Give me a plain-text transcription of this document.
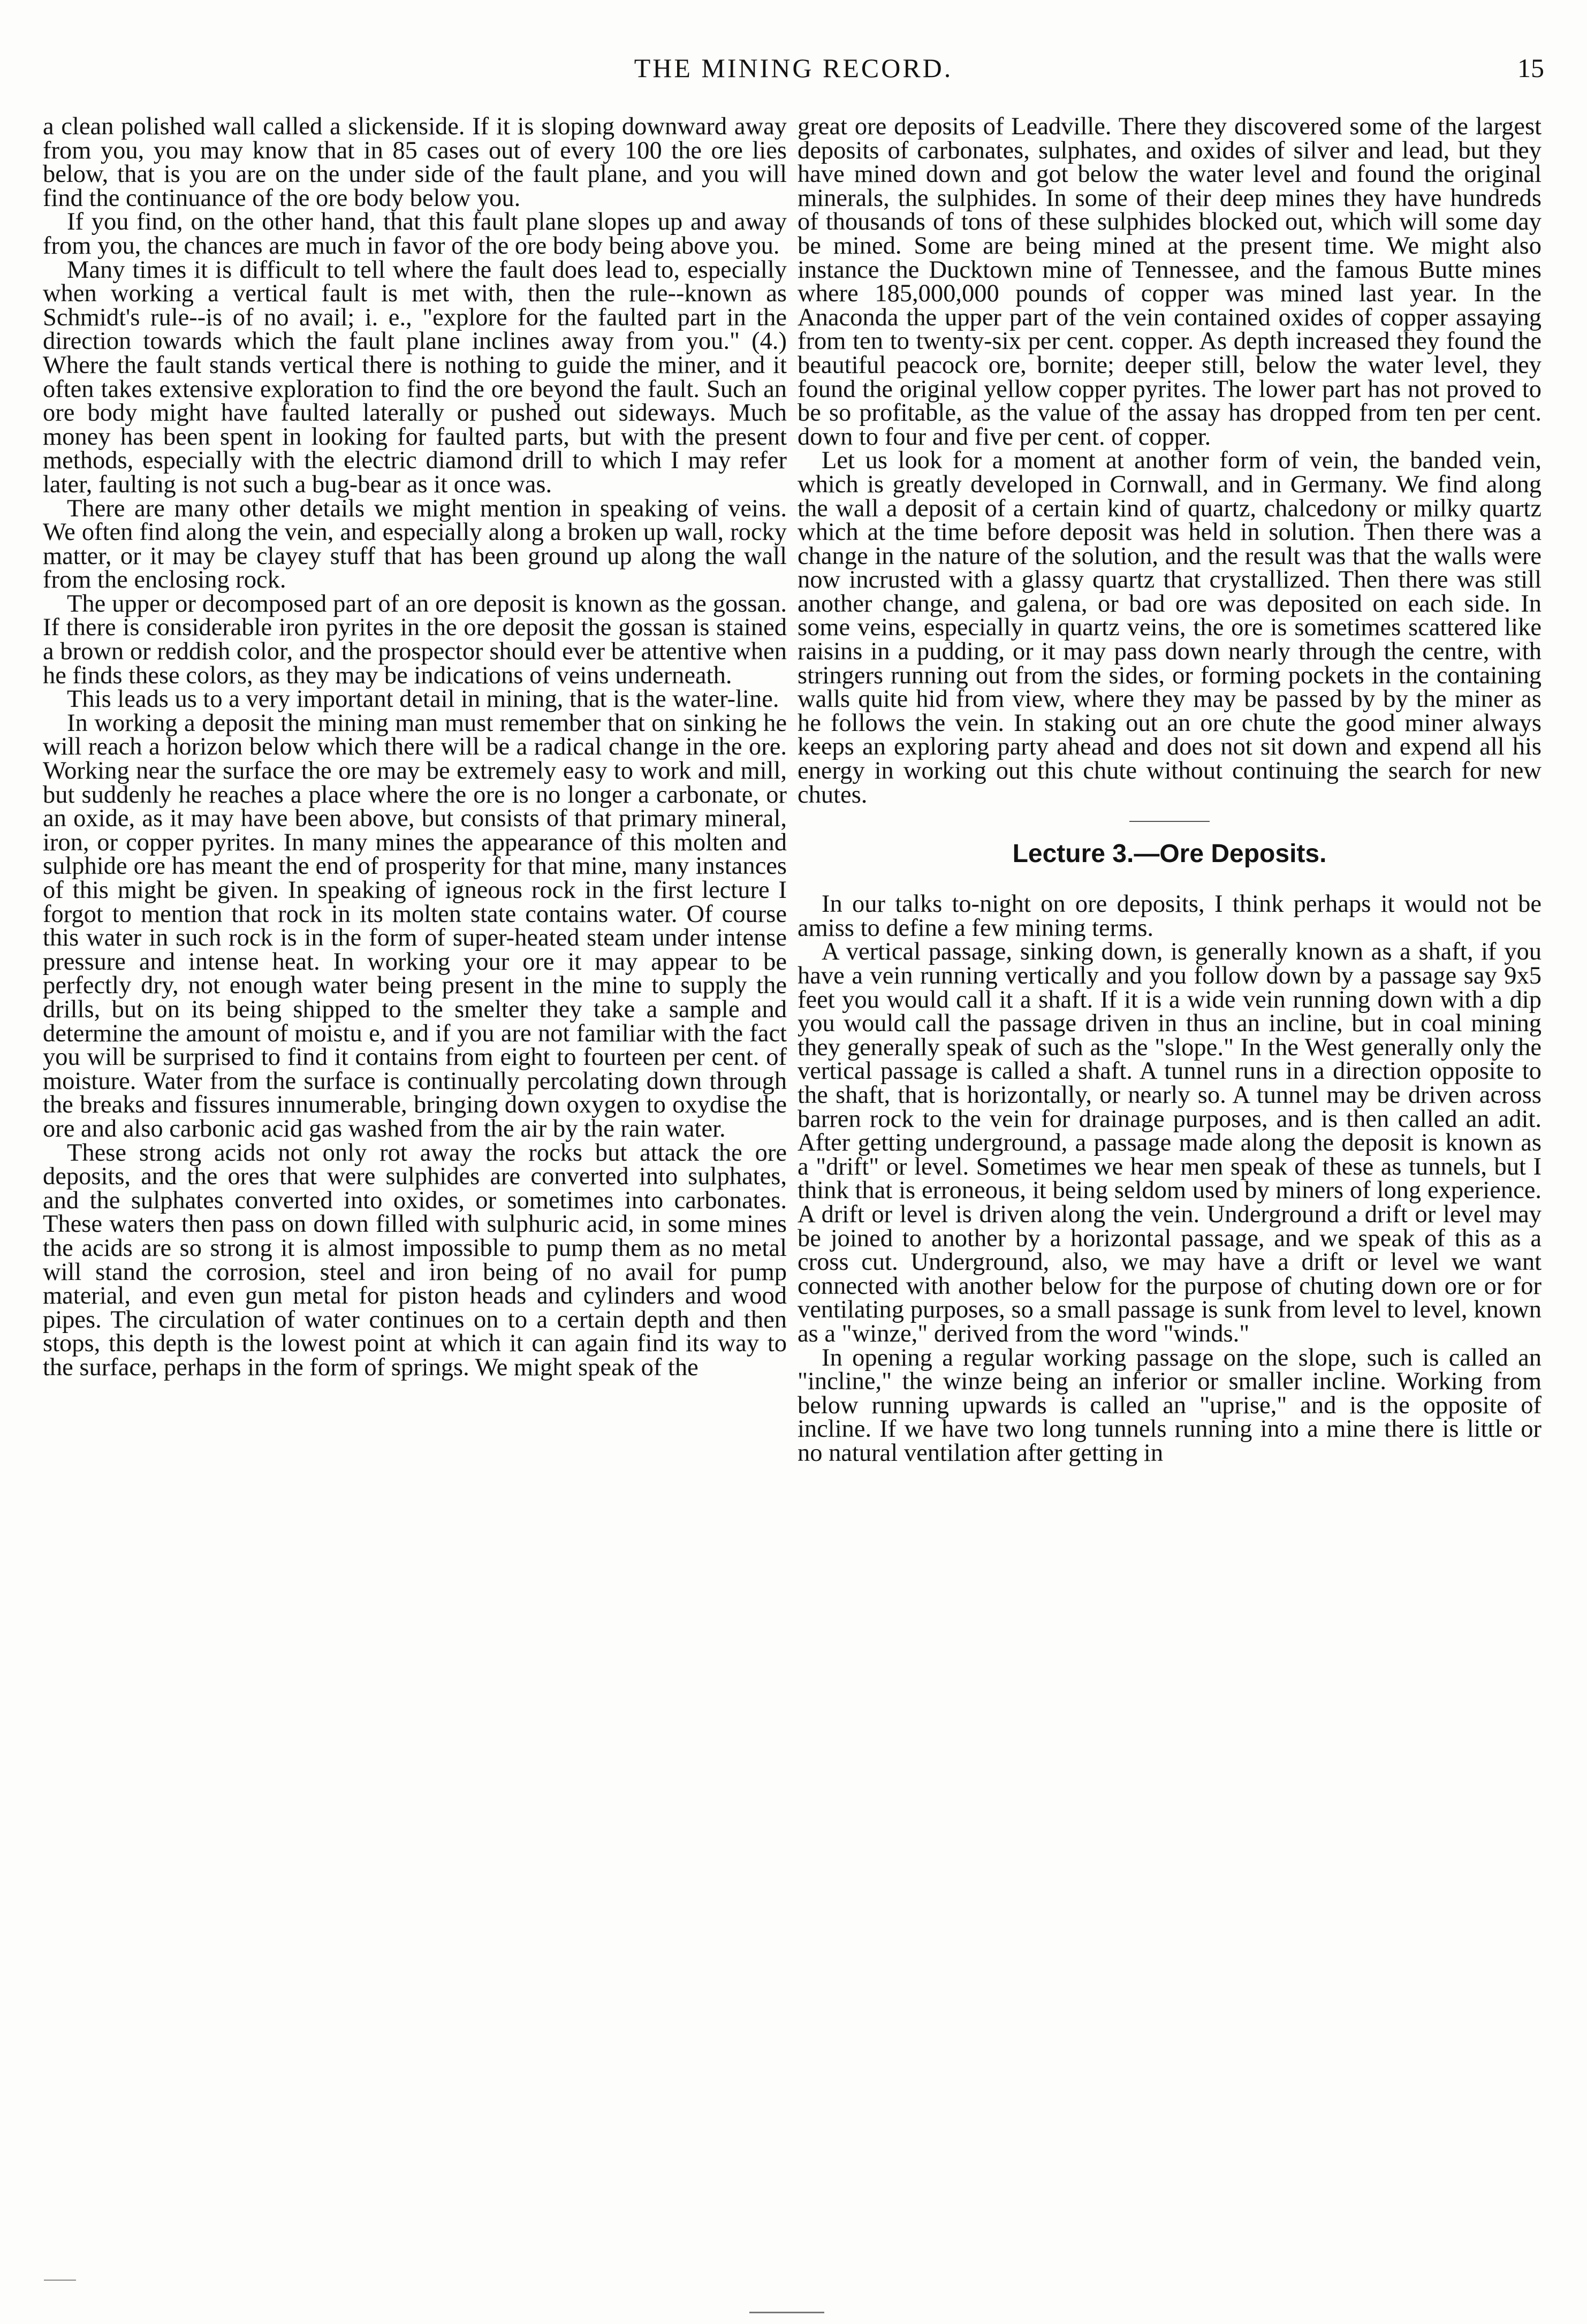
THE MINING RECORD.	15

a clean polished wall called a slickenside. If it is sloping downward away from you, you may know that in 85 cases out of every 100 the ore lies below, that is you are on the under side of the fault plane, and you will find the continuance of the ore body below you.

If you find, on the other hand, that this fault plane slopes up and away from you, the chances are much in favor of the ore body being above you.

Many times it is difficult to tell where the fault does lead to, especially when working a vertical fault is met with, then the rule--known as Schmidt's rule--is of no avail; i. e., "explore for the faulted part in the direction towards which the fault plane inclines away from you." (4.) Where the fault stands vertical there is nothing to guide the miner, and it often takes extensive exploration to find the ore beyond the fault. Such an ore body might have faulted laterally or pushed out sideways. Much money has been spent in looking for faulted parts, but with the present methods, especially with the electric diamond drill to which I may refer later, faulting is not such a bug-bear as it once was.

There are many other details we might mention in speaking of veins. We often find along the vein, and especially along a broken up wall, rocky matter, or it may be clayey stuff that has been ground up along the wall from the enclosing rock.

The upper or decomposed part of an ore deposit is known as the gossan. If there is considerable iron pyrites in the ore deposit the gossan is stained a brown or reddish color, and the prospector should ever be attentive when he finds these colors, as they may be indications of veins underneath.

This leads us to a very important detail in mining, that is the water-line.

In working a deposit the mining man must remember that on sinking he will reach a horizon below which there will be a radical change in the ore. Working near the surface the ore may be extremely easy to work and mill, but suddenly he reaches a place where the ore is no longer a carbonate, or an oxide, as it may have been above, but consists of that primary mineral, iron, or copper pyrites. In many mines the appearance of this molten and sulphide ore has meant the end of prosperity for that mine, many instances of this might be given. In speaking of igneous rock in the first lecture I forgot to mention that rock in its molten state contains water. Of course this water in such rock is in the form of super-heated steam under intense pressure and intense heat. In working your ore it may appear to be perfectly dry, not enough water being present in the mine to supply the drills, but on its being shipped to the smelter they take a sample and determine the amount of moistu e, and if you are not familiar with the fact you will be surprised to find it contains from eight to fourteen per cent. of moisture. Water from the surface is continually percolating down through the breaks and fissures innumerable, bringing down oxygen to oxydise the ore and also carbonic acid gas washed from the air by the rain water.

These strong acids not only rot away the rocks but attack the ore deposits, and the ores that were sulphides are converted into sulphates, and the sulphates converted into oxides, or sometimes into carbonates. These waters then pass on down filled with sulphuric acid, in some mines the acids are so strong it is almost impossible to pump them as no metal will stand the corrosion, steel and iron being of no avail for pump material, and even gun metal for piston heads and cylinders and wood pipes. The circulation of water continues on to a certain depth and then stops, this depth is the lowest point at which it can again find its way to the surface, perhaps in the form of springs. We might speak of the

great ore deposits of Leadville. There they discovered some of the largest deposits of carbonates, sulphates, and oxides of silver and lead, but they have mined down and got below the water level and found the original minerals, the sulphides. In some of their deep mines they have hundreds of thousands of tons of these sulphides blocked out, which will some day be mined. Some are being mined at the present time. We might also instance the Ducktown mine of Tennessee, and the famous Butte mines where 185,000,000 pounds of copper was mined last year. In the Anaconda the upper part of the vein contained oxides of copper assaying from ten to twenty-six per cent. copper. As depth increased they found the beautiful peacock ore, bornite; deeper still, below the water level, they found the original yellow copper pyrites. The lower part has not proved to be so profitable, as the value of the assay has dropped from ten per cent. down to four and five per cent. of copper.

Let us look for a moment at another form of vein, the banded vein, which is greatly developed in Cornwall, and in Germany. We find along the wall a deposit of a certain kind of quartz, chalcedony or milky quartz which at the time before deposit was held in solution. Then there was a change in the nature of the solution, and the result was that the walls were now incrusted with a glassy quartz that crystallized. Then there was still another change, and galena, or bad ore was deposited on each side. In some veins, especially in quartz veins, the ore is sometimes scattered like raisins in a pudding, or it may pass down nearly through the centre, with stringers running out from the sides, or forming pockets in the containing walls quite hid from view, where they may be passed by by the miner as he follows the vein. In staking out an ore chute the good miner always keeps an exploring party ahead and does not sit down and expend all his energy in working out this chute without continuing the search for new chutes.

Lecture 3.—Ore Deposits.

In our talks to-night on ore deposits, I think perhaps it would not be amiss to define a few mining terms.

A vertical passage, sinking down, is generally known as a shaft, if you have a vein running vertically and you follow down by a passage say 9x5 feet you would call it a shaft. If it is a wide vein running down with a dip you would call the passage driven in thus an incline, but in coal mining they generally speak of such as the "slope." In the West generally only the vertical passage is called a shaft. A tunnel runs in a direction opposite to the shaft, that is horizontally, or nearly so. A tunnel may be driven across barren rock to the vein for drainage purposes, and is then called an adit. After getting underground, a passage made along the deposit is known as a "drift" or level. Sometimes we hear men speak of these as tunnels, but I think that is erroneous, it being seldom used by miners of long experience. A drift or level is driven along the vein. Underground a drift or level may be joined to another by a horizontal passage, and we speak of this as a cross cut. Underground, also, we may have a drift or level we want connected with another below for the purpose of chuting down ore or for ventilating purposes, so a small passage is sunk from level to level, known as a "winze," derived from the word "winds."

In opening a regular working passage on the slope, such is called an "incline," the winze being an inferior or smaller incline. Working from below running upwards is called an "uprise," and is the opposite of incline. If we have two long tunnels running into a mine there is little or no natural ventilation after getting in
